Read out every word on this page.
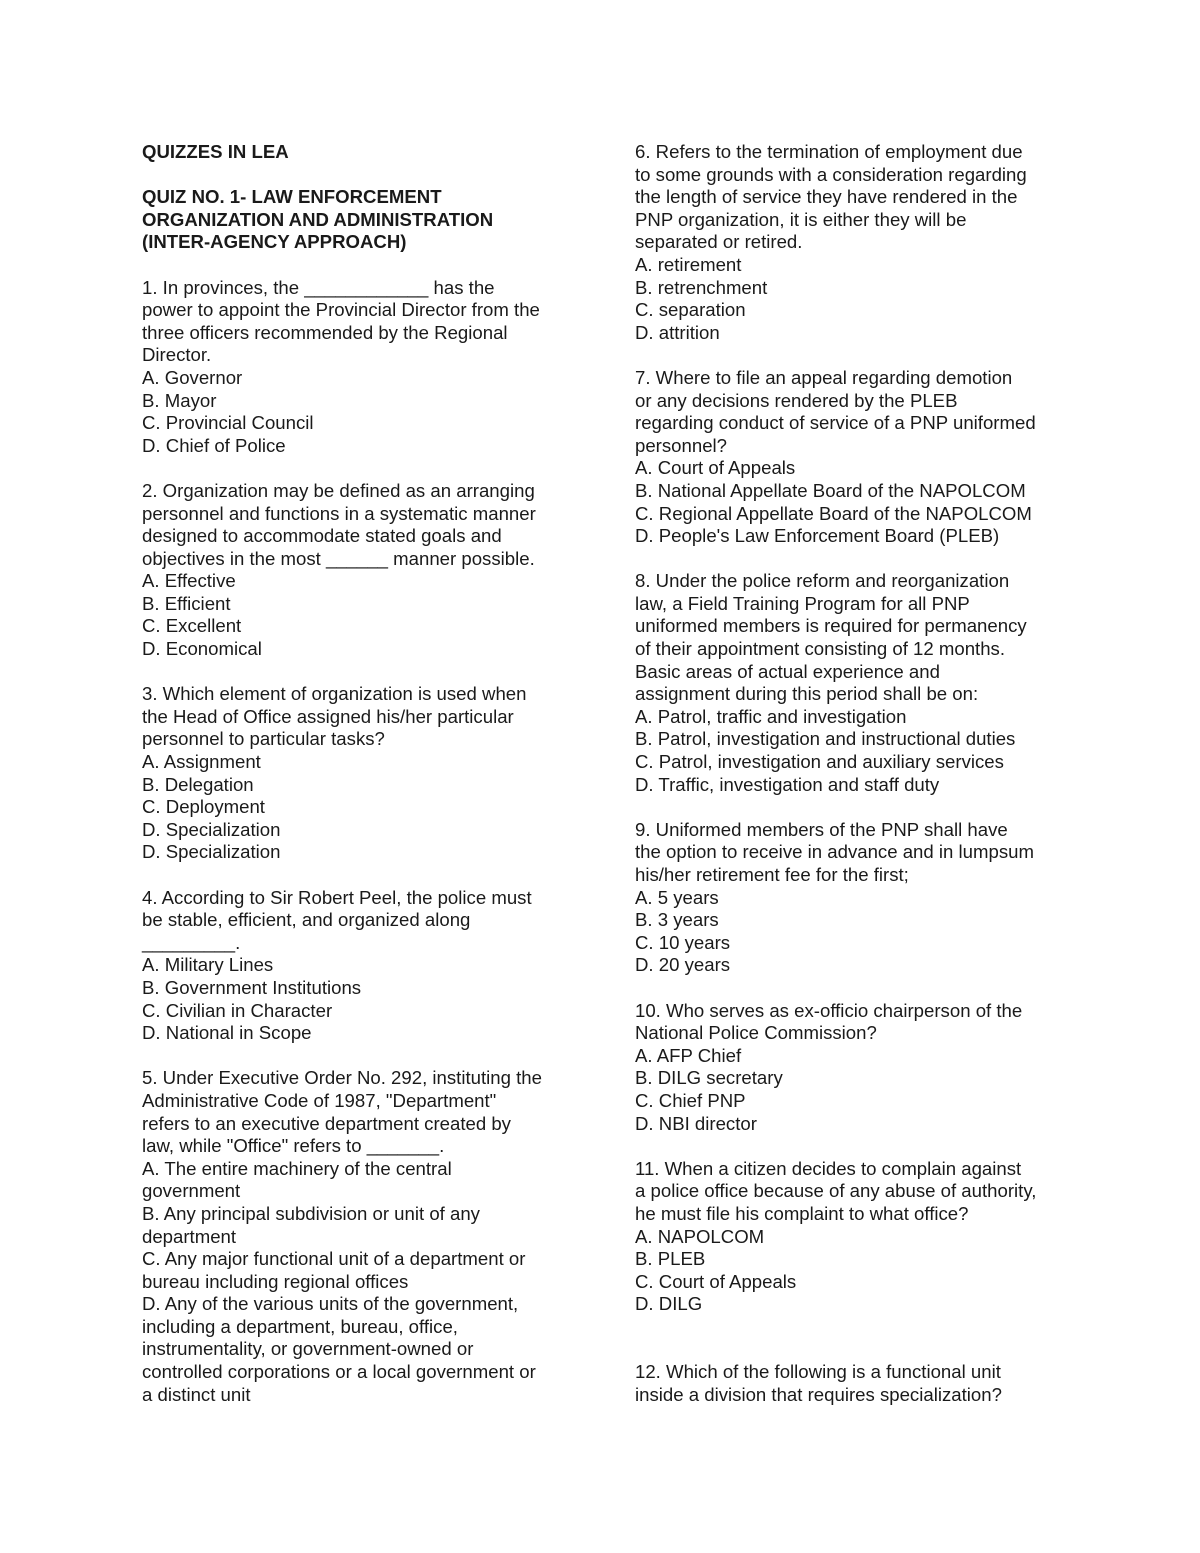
QUIZZES IN LEA

QUIZ NO. 1- LAW ENFORCEMENT

ORGANIZATION AND ADMINISTRATION

(INTER-AGENCY APPROACH)

1. In provinces, the ____________ has the

power to appoint the Provincial Director from the

three officers recommended by the Regional

Director.

A. Governor

B. Mayor

C. Provincial Council

D. Chief of Police

2. Organization may be defined as an arranging

personnel and functions in a systematic manner

designed to accommodate stated goals and

objectives in the most ______ manner possible.

A. Effective

B. Efficient

C. Excellent

D. Economical

3. Which element of organization is used when

the Head of Office assigned his/her particular

personnel to particular tasks?

A. Assignment

B. Delegation

C. Deployment

D. Specialization

D. Specialization

4. According to Sir Robert Peel, the police must

be stable, efficient, and organized along

_________.

A. Military Lines

B. Government Institutions

C. Civilian in Character

D. National in Scope

5. Under Executive Order No. 292, instituting the

Administrative Code of 1987, "Department"

refers to an executive department created by

law, while "Office" refers to _______.

A. The entire machinery of the central

government

B. Any principal subdivision or unit of any

department

C. Any major functional unit of a department or

bureau including regional offices

D. Any of the various units of the government,

including a department, bureau, office,

instrumentality, or government-owned or

controlled corporations or a local government or

a distinct unit

6. Refers to the termination of employment due

to some grounds with a consideration regarding

the length of service they have rendered in the

PNP organization, it is either they will be

separated or retired.

A. retirement

B. retrenchment

C. separation

D. attrition

7. Where to file an appeal regarding demotion

or any decisions rendered by the PLEB

regarding conduct of service of a PNP uniformed

personnel?

A. Court of Appeals

B. National Appellate Board of the NAPOLCOM

C. Regional Appellate Board of the NAPOLCOM

D. People's Law Enforcement Board (PLEB)

8. Under the police reform and reorganization

law, a Field Training Program for all PNP

uniformed members is required for permanency

of their appointment consisting of 12 months.

Basic areas of actual experience and

assignment during this period shall be on:

A. Patrol, traffic and investigation

B. Patrol, investigation and instructional duties

C. Patrol, investigation and auxiliary services

D. Traffic, investigation and staff duty

9. Uniformed members of the PNP shall have

the option to receive in advance and in lumpsum

his/her retirement fee for the first;

A. 5 years

B. 3 years

C. 10 years

D. 20 years

10. Who serves as ex-officio chairperson of the

National Police Commission?

A. AFP Chief

B. DILG secretary

C. Chief PNP

D. NBI director

11. When a citizen decides to complain against

a police office because of any abuse of authority,

he must file his complaint to what office?

A. NAPOLCOM

B. PLEB

C. Court of Appeals

D. DILG

12. Which of the following is a functional unit

inside a division that requires specialization?
